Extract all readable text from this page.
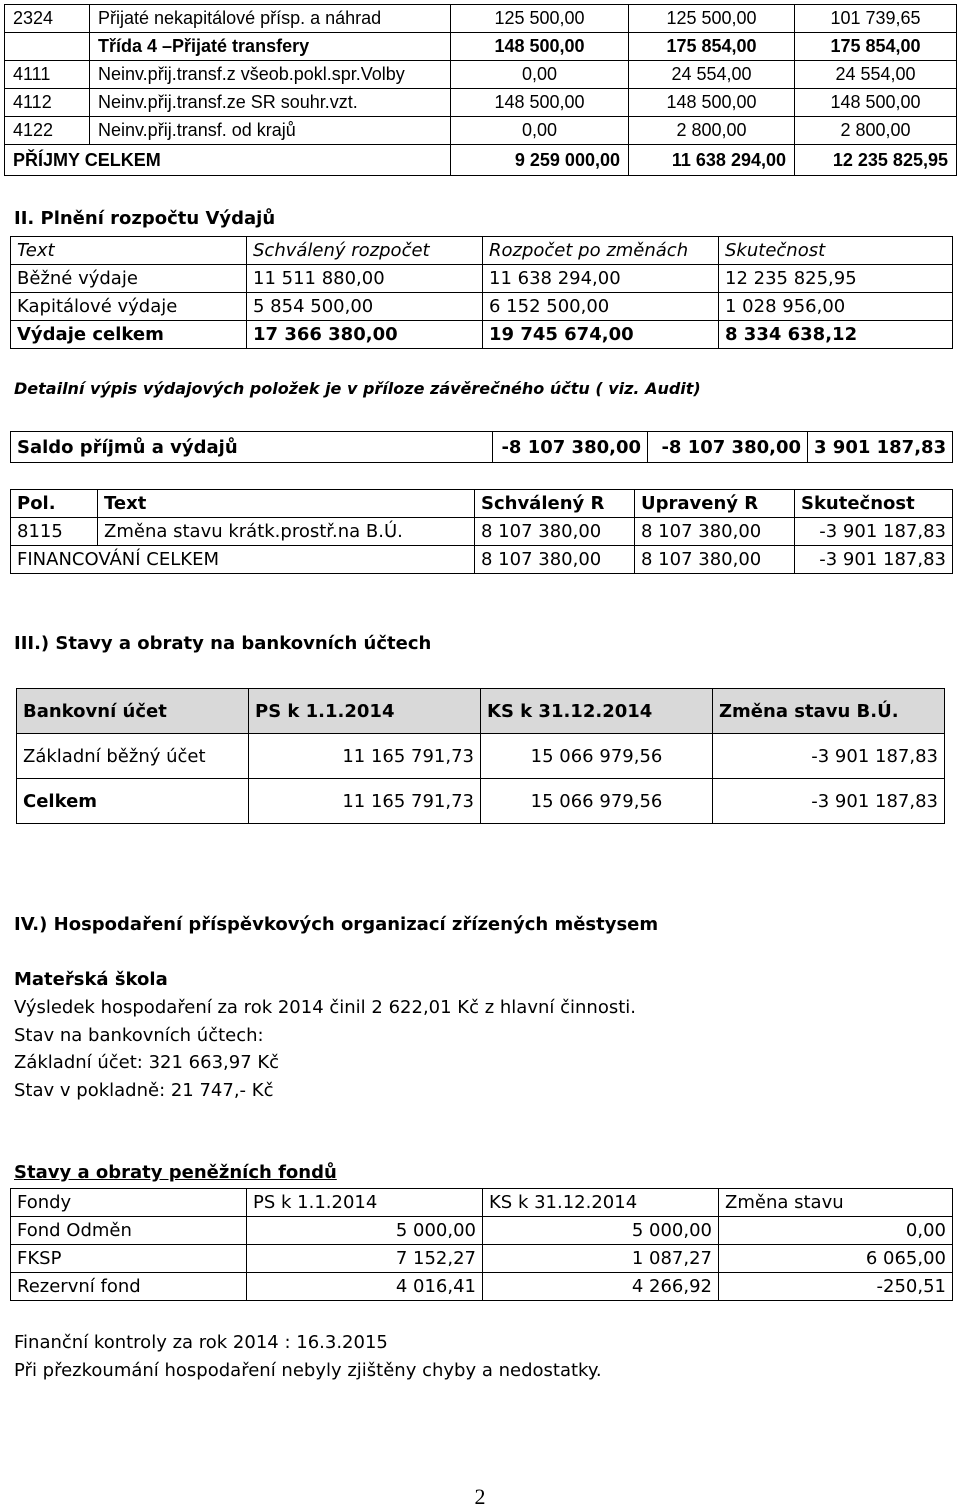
2324	Přijaté nekapitálové přísp. a náhrad	125 500,00	125 500,00	101 739,65
	Třída 4 –Přijaté transfery	148 500,00	175 854,00	175 854,00
4111	Neinv.přij.transf.z všeob.pokl.spr.Volby	0,00	24 554,00	24 554,00
4112	Neinv.přij.transf.ze SR souhr.vzt.	148 500,00	148 500,00	148 500,00
4122	Neinv.přij.transf. od krajů	0,00	2 800,00	2 800,00
PŘÍJMY CELKEM		9 259 000,00	11 638 294,00	12 235 825,95
II. Plnění rozpočtu Výdajů
Text	Schválený rozpočet	Rozpočet po změnách	Skutečnost
Běžné výdaje	11 511 880,00	11 638 294,00	12 235 825,95
Kapitálové výdaje	5 854 500,00	6 152 500,00	1 028 956,00
Výdaje celkem	17 366 380,00	19 745 674,00	8 334 638,12
Detailní výpis výdajových položek je v příloze závěrečného účtu ( viz. Audit)
Saldo příjmů a výdajů	-8 107 380,00	-8 107 380,00	3 901 187,83
Pol.	Text	Schválený R	Upravený R	Skutečnost
8115	Změna stavu krátk.prostř.na B.Ú.	8 107 380,00	8 107 380,00	-3 901 187,83
FINANCOVÁNÍ CELKEM		8 107 380,00	8 107 380,00	-3 901 187,83
III.) Stavy a obraty na bankovních účtech
Bankovní účet	PS k 1.1.2014	KS k 31.12.2014	Změna stavu B.Ú.
Základní běžný účet	11 165 791,73	15 066 979,56	-3 901 187,83
Celkem	11 165 791,73	15 066 979,56	-3 901 187,83
IV.) Hospodaření příspěvkových organizací zřízených městysem
Mateřská škola
Výsledek hospodaření za rok 2014 činil 2 622,01 Kč z hlavní činnosti.
Stav na bankovních účtech:
Základní účet: 321 663,97 Kč
Stav v pokladně: 21 747,- Kč
Stavy a obraty peněžních fondů
Fondy	PS k 1.1.2014	KS k 31.12.2014	Změna stavu
Fond Odměn	5 000,00	5 000,00	0,00
FKSP	7 152,27	1 087,27	6 065,00
Rezervní fond	4 016,41	4 266,92	-250,51
Finanční kontroly za rok 2014 : 16.3.2015
Při přezkoumání hospodaření nebyly zjištěny chyby a nedostatky.
2
